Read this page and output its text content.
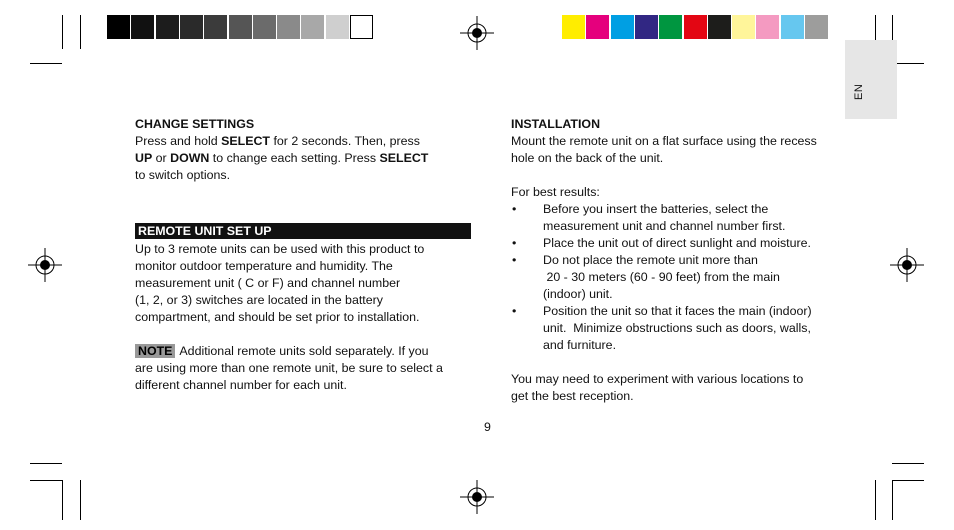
EN
CHANGE SETTINGS

Press and hold SELECT for 2 seconds. Then, press

UP or DOWN to change each setting. Press SELECT

to switch options.

REMOTE UNIT SET UP

Up to 3 remote units can be used with this product to

monitor outdoor temperature and humidity. The

measurement unit ( C or F) and channel number

(1, 2, or 3) switches are located in the battery

compartment, and should be set prior to installation.

NOTE Additional remote units sold separately. If you

are using more than one remote unit, be sure to select a

different channel number for each unit.

INSTALLATION

Mount the remote unit on a flat surface using the recess

hole on the back of the unit.

For best results:

• Before you insert the batteries, select the
measurement unit and channel number first.
• Place the unit out of direct sunlight and moisture.
• Do not place the remote unit more than
20 - 30 meters (60 - 90 feet) from the main
(indoor) unit.
• Position the unit so that it faces the main (indoor)
unit.  Minimize obstructions such as doors, walls,
and furniture.

You may need to experiment with various locations to

get the best reception.

9
